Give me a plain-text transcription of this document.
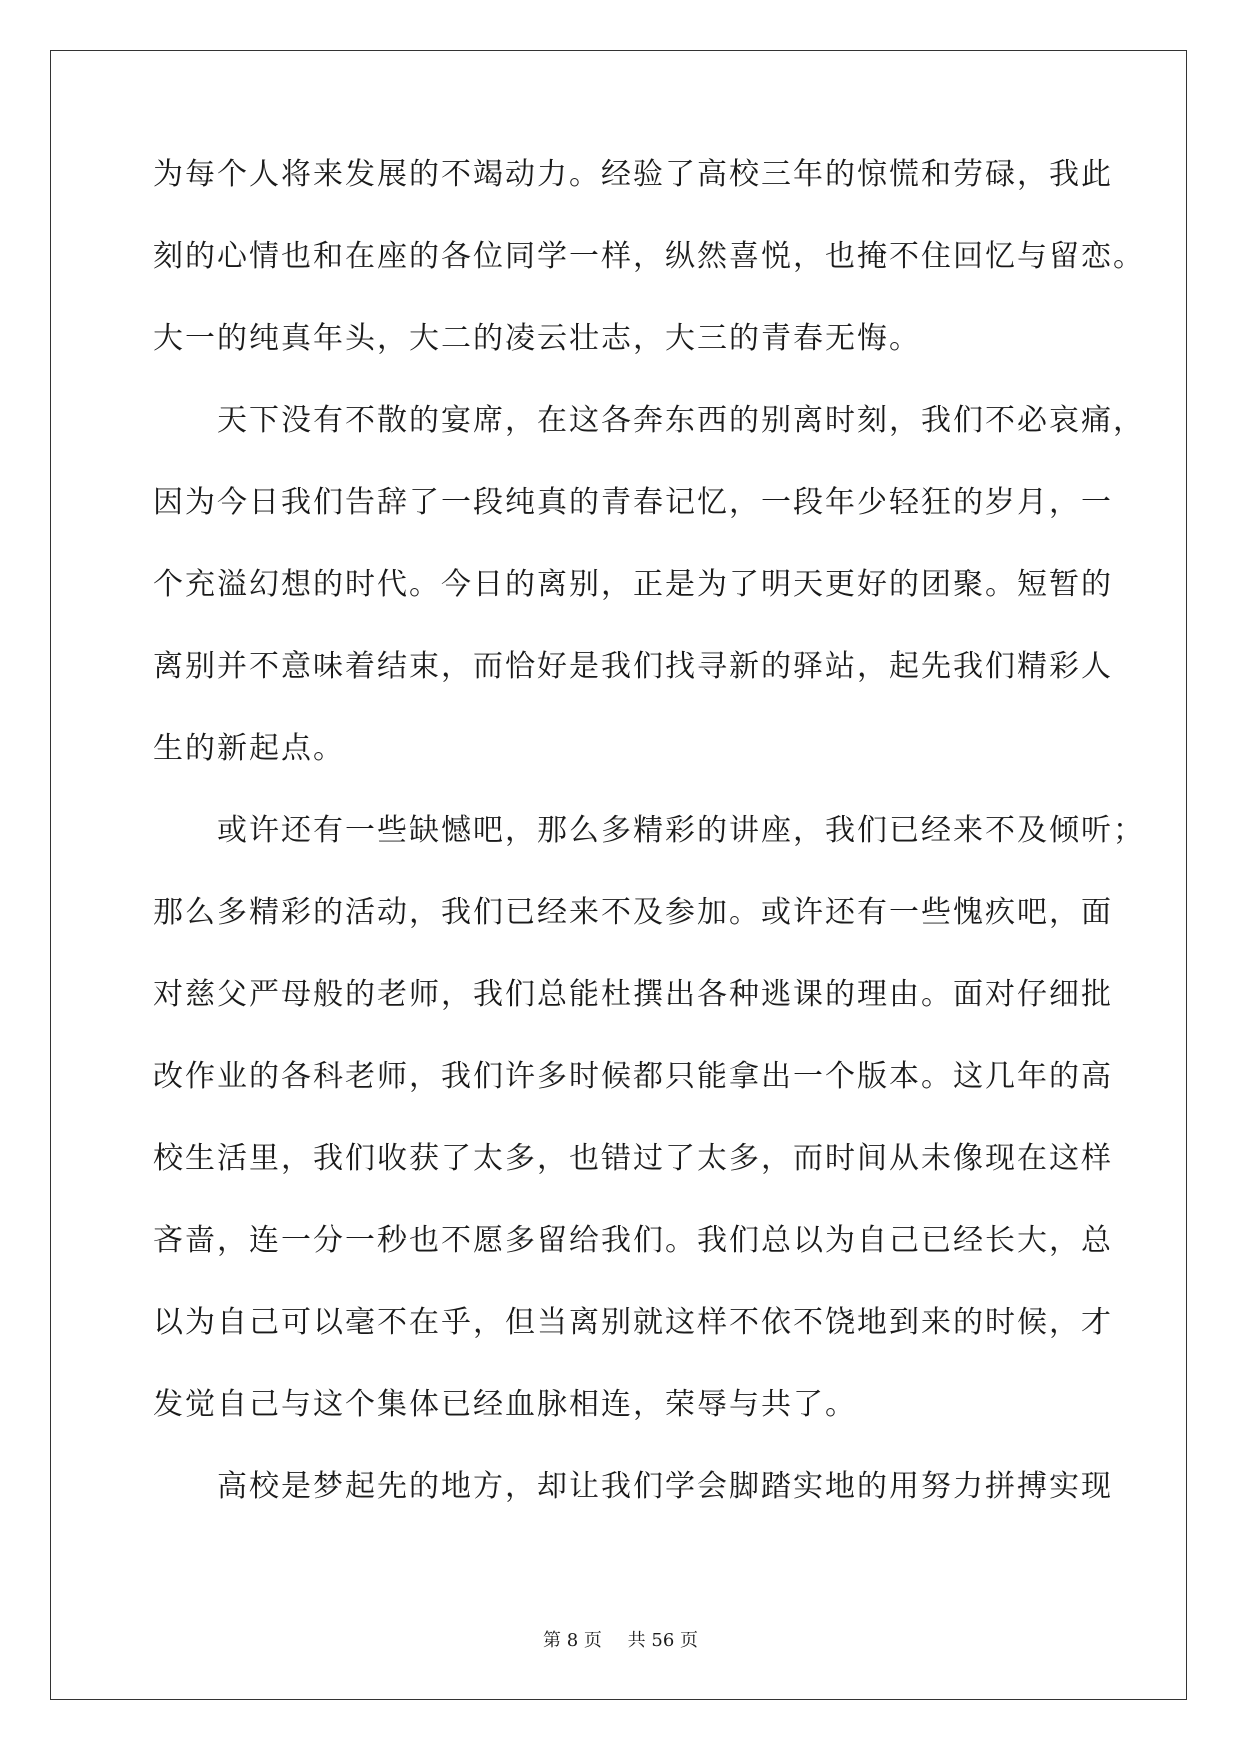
为每个人将来发展的不竭动力。经验了高校三年的惊慌和劳碌，我此
刻的心情也和在座的各位同学一样，纵然喜悦，也掩不住回忆与留恋。
大一的纯真年头，大二的凌云壮志，大三的青春无悔。
天下没有不散的宴席，在这各奔东西的别离时刻，我们不必哀痛，
因为今日我们告辞了一段纯真的青春记忆，一段年少轻狂的岁月，一
个充溢幻想的时代。今日的离别，正是为了明天更好的团聚。短暂的
离别并不意味着结束，而恰好是我们找寻新的驿站，起先我们精彩人
生的新起点。
或许还有一些缺憾吧，那么多精彩的讲座，我们已经来不及倾听；
那么多精彩的活动，我们已经来不及参加。或许还有一些愧疚吧，面
对慈父严母般的老师，我们总能杜撰出各种逃课的理由。面对仔细批
改作业的各科老师，我们许多时候都只能拿出一个版本。这几年的高
校生活里，我们收获了太多，也错过了太多，而时间从未像现在这样
吝啬，连一分一秒也不愿多留给我们。我们总以为自己已经长大，总
以为自己可以毫不在乎，但当离别就这样不依不饶地到来的时候，才
发觉自己与这个集体已经血脉相连，荣辱与共了。
高校是梦起先的地方，却让我们学会脚踏实地的用努力拼搏实现
第 8 页 共 56 页
